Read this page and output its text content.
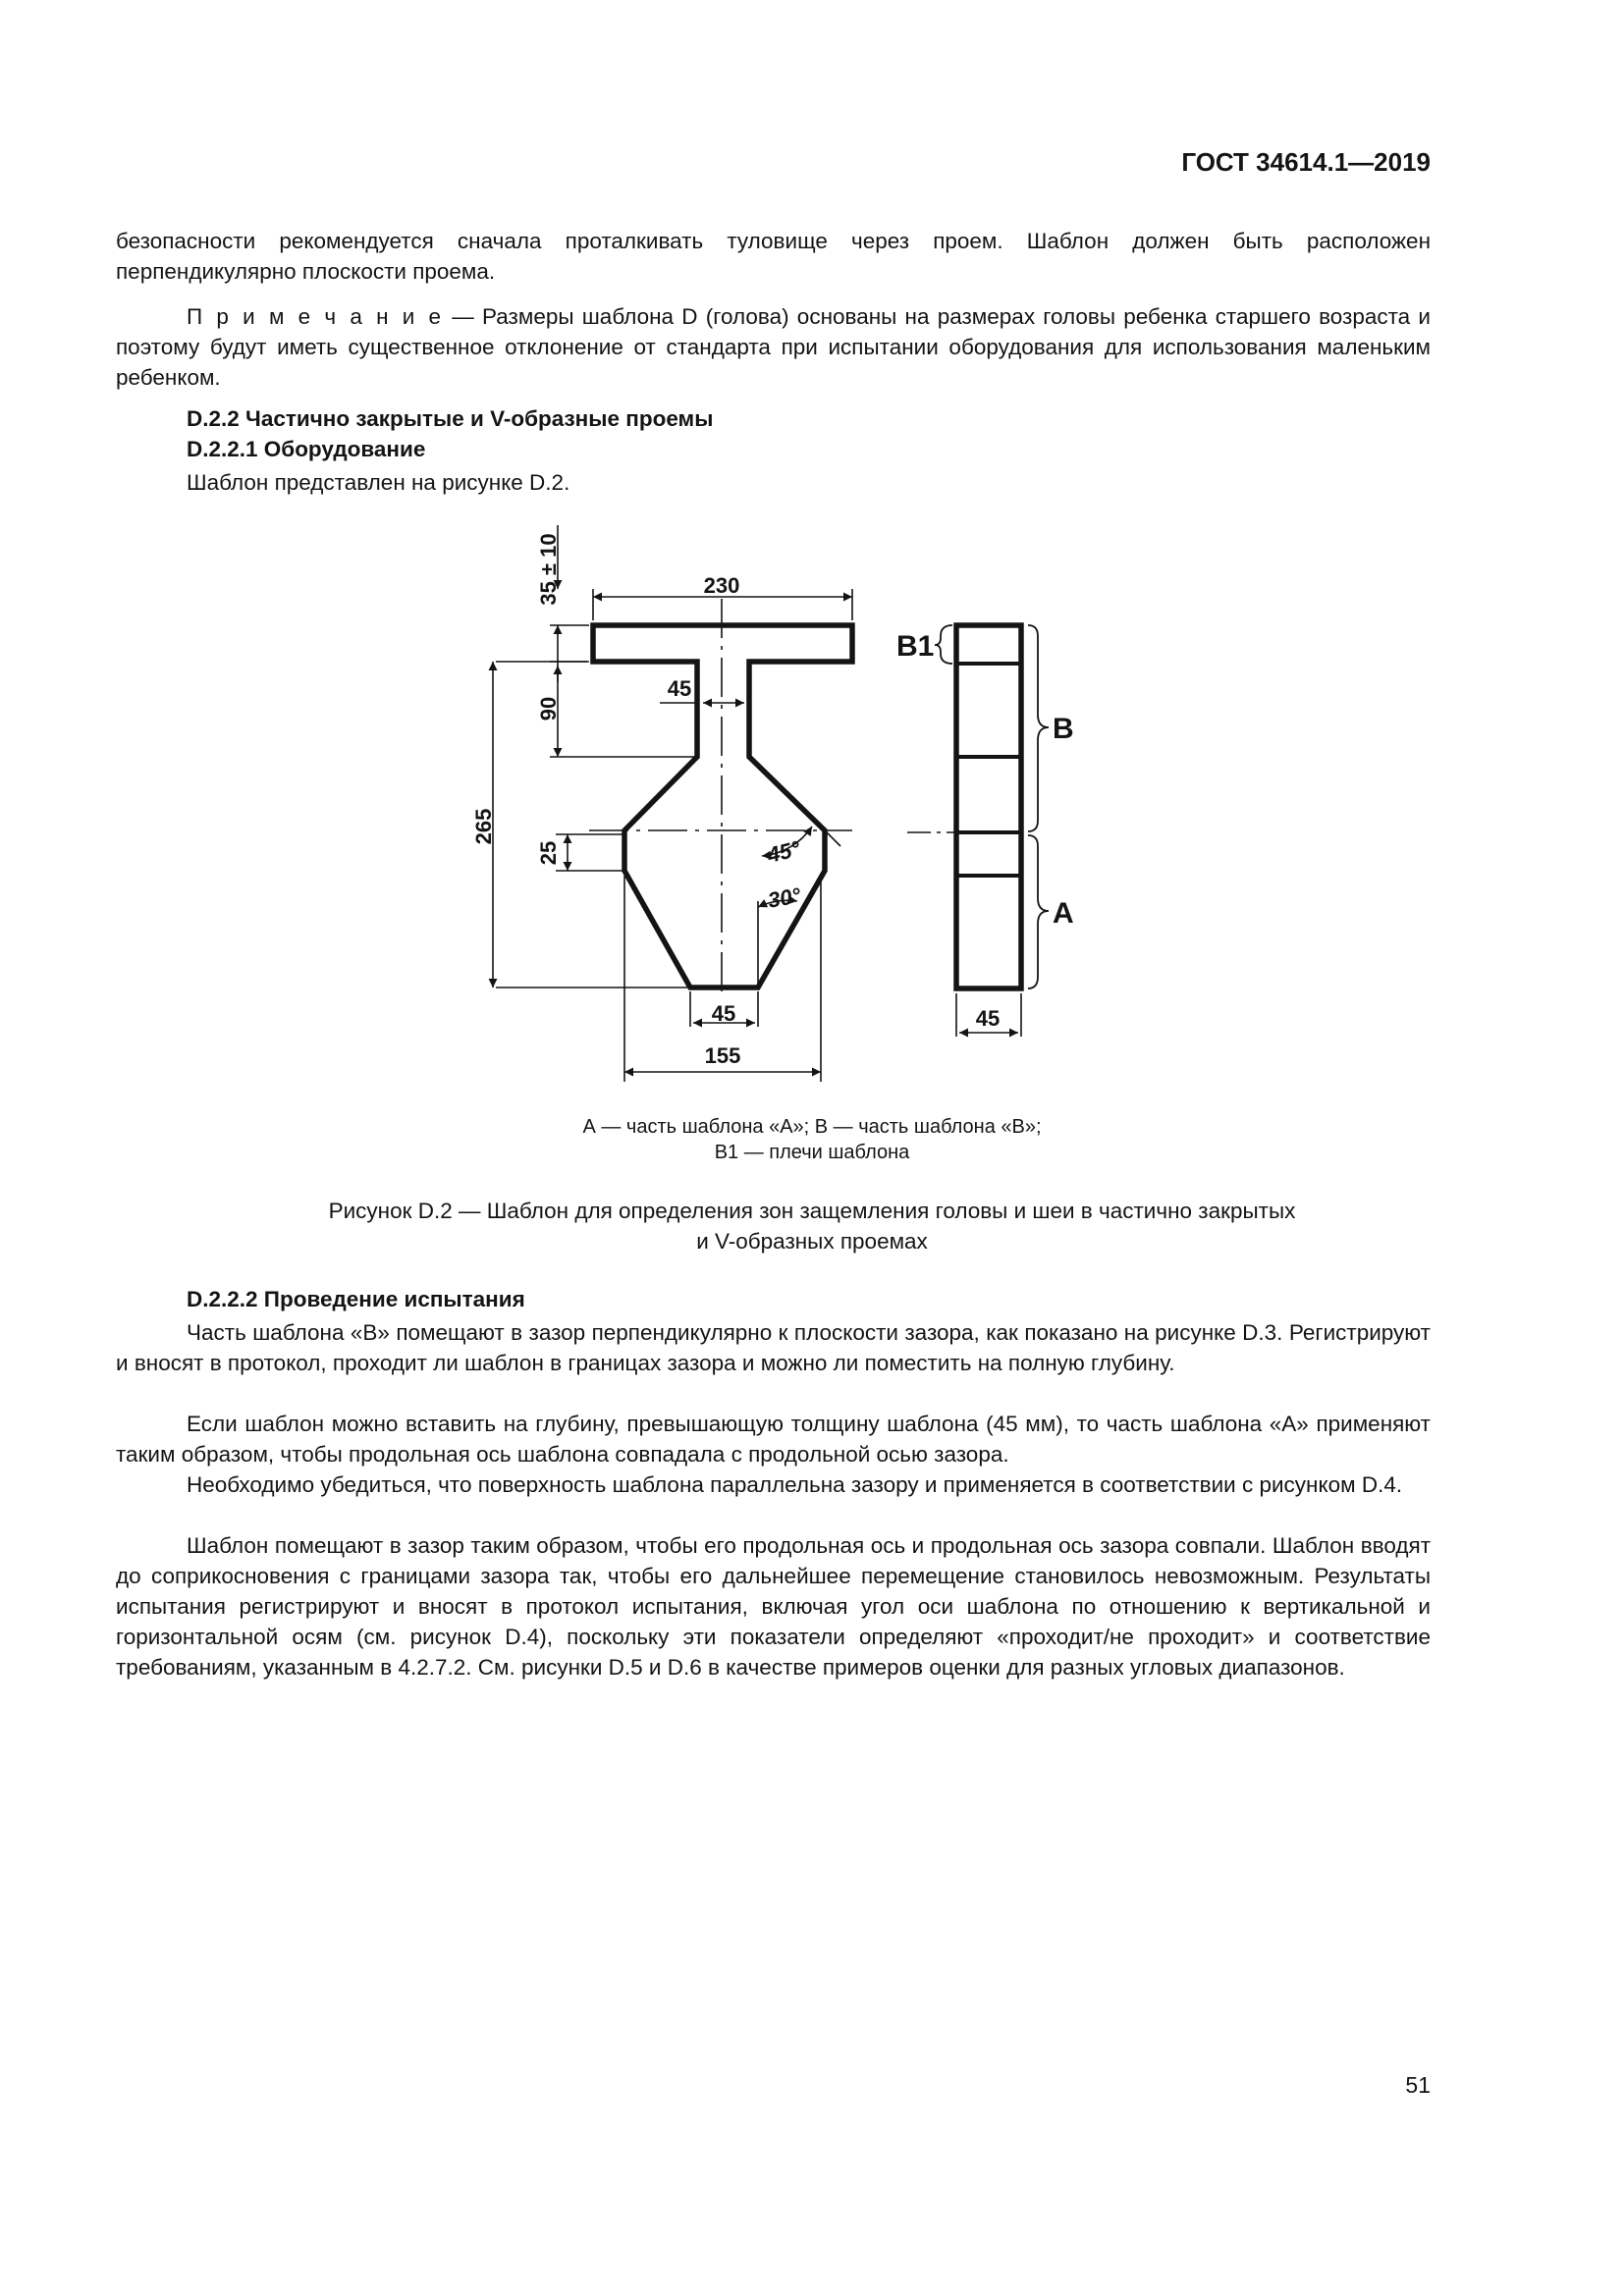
ГОСТ 34614.1—2019

безопасности рекомендуется сначала проталкивать туловище через проем. Шаблон должен быть расположен перпендикулярно плоскости проема.

П р и м е ч а н и е — Размеры шаблона D (голова) основаны на размерах головы ребенка старшего возраста и поэтому будут иметь существенное отклонение от стандарта при испытании оборудования для использования маленьким ребенком.

D.2.2 Частично закрытые и V-образные проемы

D.2.2.1 Оборудование

Шаблон представлен на рисунке D.2.

230
35 ± 10
90
265
25
45
45°
30°
45
155
45
B1
B
A
А — часть шаблона «А»; В — часть шаблона «В»;
В1 — плечи шаблона
Рисунок D.2 — Шаблон для определения зон защемления головы и шеи в частично закрытых
и V-образных проемах

D.2.2.2 Проведение испытания

Часть шаблона «В» помещают в зазор перпендикулярно к плоскости зазора, как показано на рисунке D.3. Регистрируют и вносят в протокол, проходит ли шаблон в границах зазора и можно ли поместить на полную глубину.

Если шаблон можно вставить на глубину, превышающую толщину шаблона (45 мм), то часть шаблона «А» применяют таким образом, чтобы продольная ось шаблона совпадала с продольной осью зазора.

Необходимо убедиться, что поверхность шаблона параллельна зазору и применяется в соответствии с рисунком D.4.

Шаблон помещают в зазор таким образом, чтобы его продольная ось и продольная ось зазора совпали. Шаблон вводят до соприкосновения с границами зазора так, чтобы его дальнейшее перемещение становилось невозможным. Результаты испытания регистрируют и вносят в протокол испытания, включая угол оси шаблона по отношению к вертикальной и горизонтальной осям (см. рисунок D.4), поскольку эти показатели определяют «проходит/не проходит» и соответствие требованиям, указанным в 4.2.7.2. См. рисунки D.5 и D.6 в качестве примеров оценки для разных угловых диапазонов.

51
